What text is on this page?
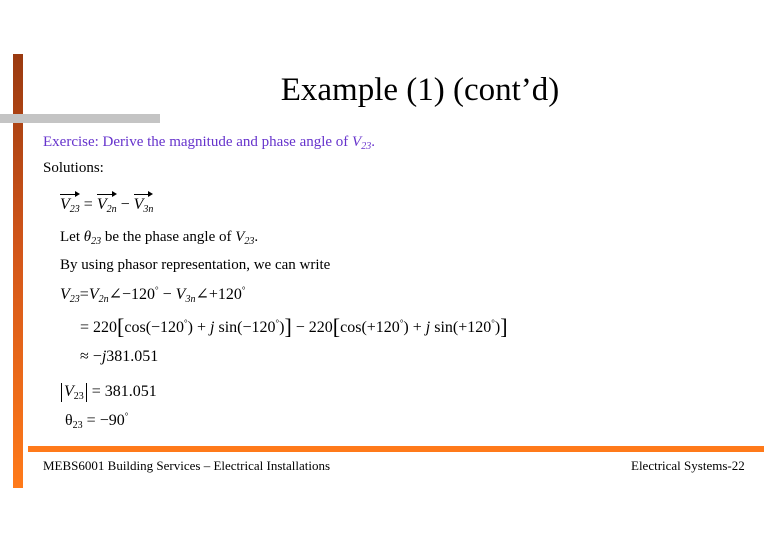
Example (1) (cont’d)
Exercise: Derive the magnitude and phase angle of $V_{23}$.
Solutions:
$V_{23} = V_{2n} - V_{3n}$
Let $\theta_{23}$ be the phase angle of $V_{23}$.
By using phasor representation, we can write
$V_{23}=V_{2n}\angle-120^\circ$ − $V_{3n}\angle+120^\circ$
= 220[cos(−120°) + j sin(−120°)] − 220[cos(+120°) + j sin(+120°)]
≈ −j381.051
$V_{23} = 381.051$
$\theta_{23} = -90^\circ$
MEBS6001 Building Services – Electrical Installations	Electrical Systems-22
